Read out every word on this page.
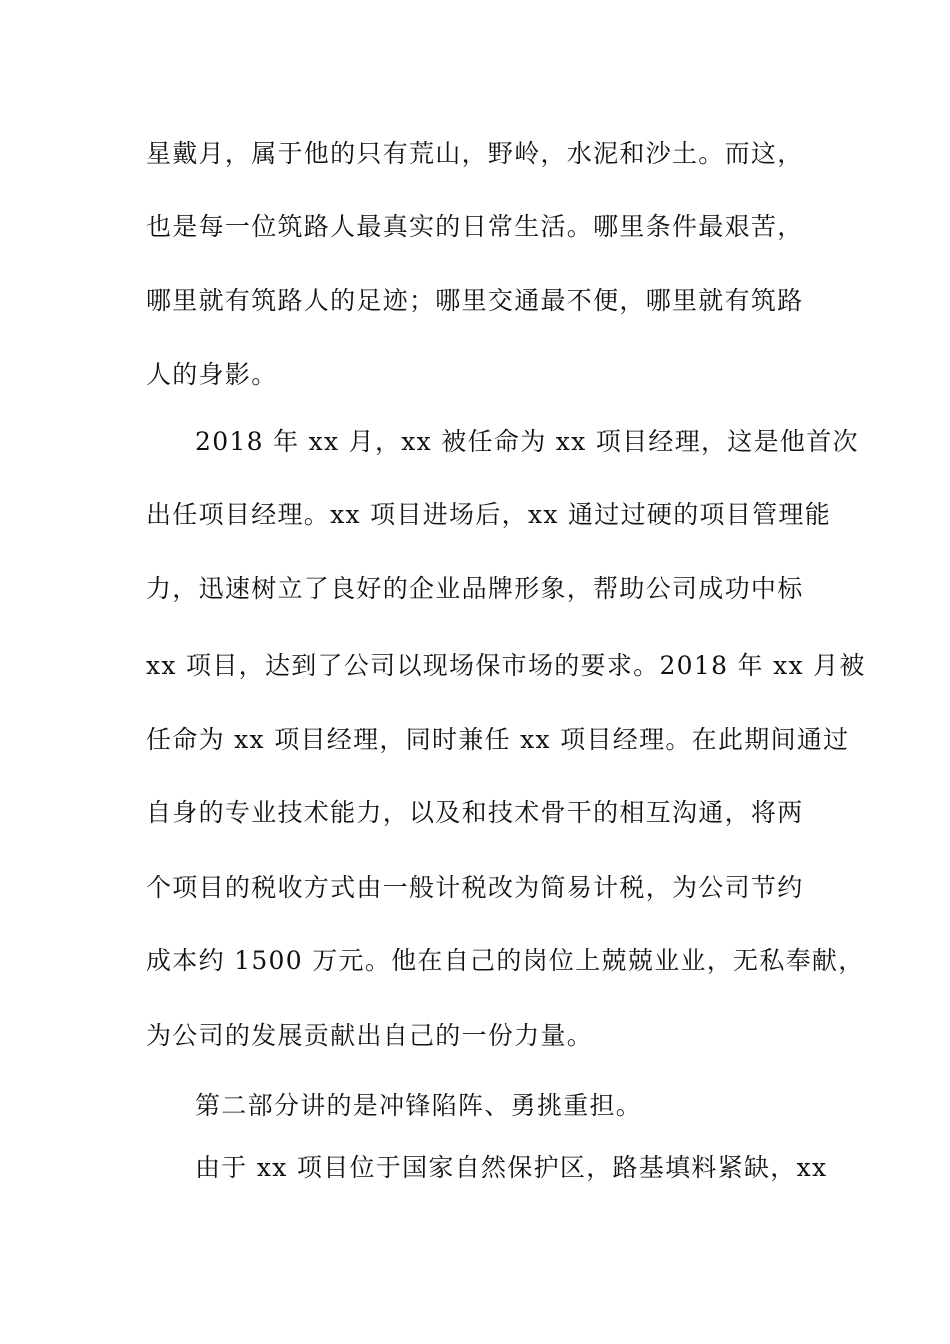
星戴月，属于他的只有荒山，野岭，水泥和沙土。而这，
也是每一位筑路人最真实的日常生活。哪里条件最艰苦，
哪里就有筑路人的足迹；哪里交通最不便，哪里就有筑路
人的身影。
2018 年 xx 月，xx 被任命为 xx 项目经理，这是他首次
出任项目经理。xx 项目进场后，xx 通过过硬的项目管理能
力，迅速树立了良好的企业品牌形象，帮助公司成功中标
xx 项目，达到了公司以现场保市场的要求。2018 年 xx 月被
任命为 xx 项目经理，同时兼任 xx 项目经理。在此期间通过
自身的专业技术能力，以及和技术骨干的相互沟通，将两
个项目的税收方式由一般计税改为简易计税，为公司节约
成本约 1500 万元。他在自己的岗位上兢兢业业，无私奉献，
为公司的发展贡献出自己的一份力量。
第二部分讲的是冲锋陷阵、勇挑重担。
由于 xx 项目位于国家自然保护区，路基填料紧缺，xx
